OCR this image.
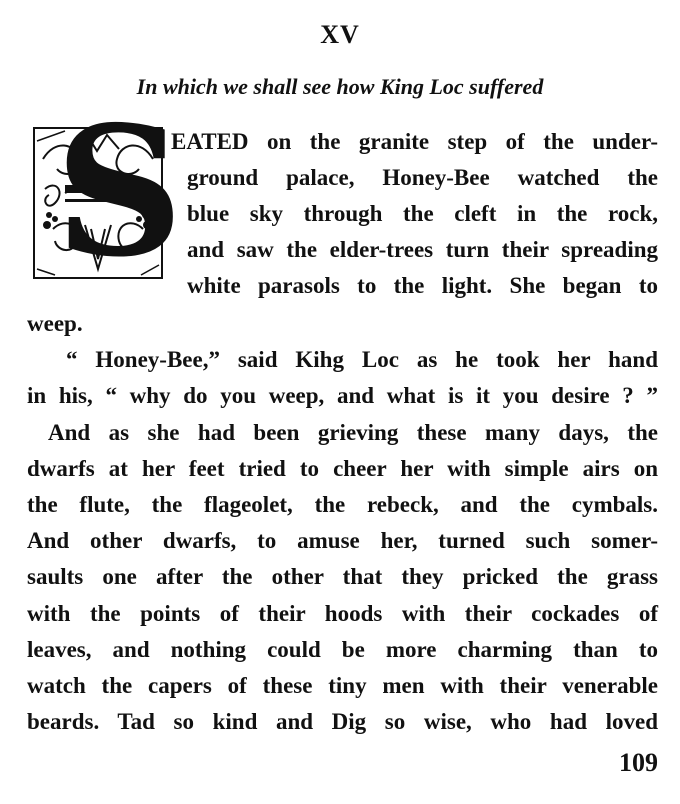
XV
In which we shall see how King Loc suffered
S
EATED on the granite step of the under-
ground palace, Honey-Bee watched the
blue sky through the cleft in the rock,
and saw the elder-trees turn their spreading
white parasols to the light. She began to
weep.
“ Honey-Bee,” said Kihg Loc as he took her hand
in his, “ why do you weep, and what is it you desire ? ”
And as she had been grieving these many days, the
dwarfs at her feet tried to cheer her with simple airs on
the flute, the flageolet, the rebeck, and the cymbals.
And other dwarfs, to amuse her, turned such somer-
saults one after the other that they pricked the grass
with the points of their hoods with their cockades of
leaves, and nothing could be more charming than to
watch the capers of these tiny men with their venerable
beards. Tad so kind and Dig so wise, who had loved
109
